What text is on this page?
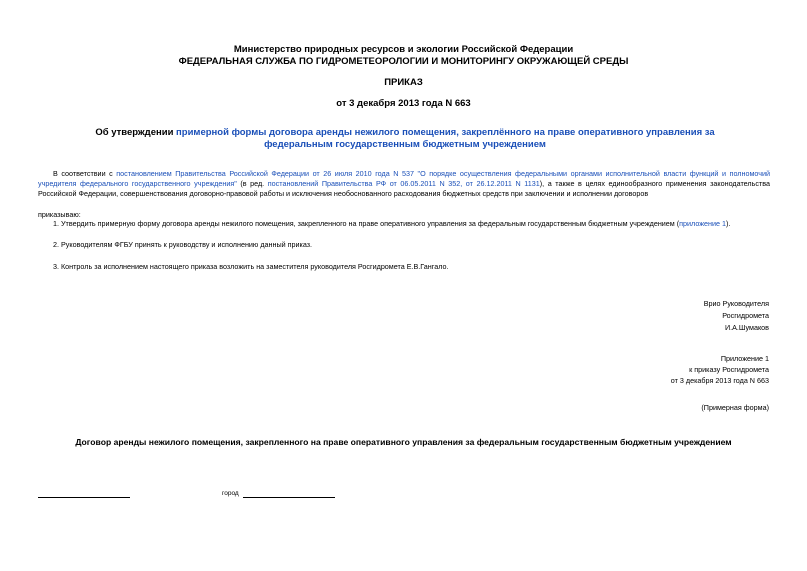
Министерство природных ресурсов и экологии Российской Федерации
ФЕДЕРАЛЬНАЯ СЛУЖБА ПО ГИДРОМЕТЕОРОЛОГИИ И МОНИТОРИНГУ ОКРУЖАЮЩЕЙ СРЕДЫ
ПРИКАЗ
от 3 декабря 2013 года N 663
Об утверждении примерной формы договора аренды нежилого помещения, закреплённого на праве оперативного управления за федеральным государственным бюджетным учреждением
В соответствии с постановлением Правительства Российской Федерации от 26 июля 2010 года N 537 "О порядке осуществления федеральными органами исполнительной власти функций и полномочий учредителя федерального государственного учреждения" (в ред. постановлений Правительства РФ от 06.05.2011 N 352, от 26.12.2011 N 1131), а также в целях единообразного применения законодательства Российской Федерации, совершенствования договорно-правовой работы и исключения необоснованного расходования бюджетных средств при заключении и исполнении договоров
приказываю:
1. Утвердить примерную форму договора аренды нежилого помещения, закрепленного на праве оперативного управления за федеральным государственным бюджетным учреждением (приложение 1).
2. Руководителям ФГБУ принять к руководству и исполнению данный приказ.
3. Контроль за исполнением настоящего приказа возложить на заместителя руководителя Росгидромета Е.В.Гангало.
Врио Руководителя
Росгидромета
И.А.Шумаков
Приложение 1
к приказу Росгидромета
от 3 декабря 2013 года N 663
(Примерная форма)
Договор аренды нежилого помещения, закрепленного на праве оперативного управления за федеральным государственным бюджетным учреждением
город
